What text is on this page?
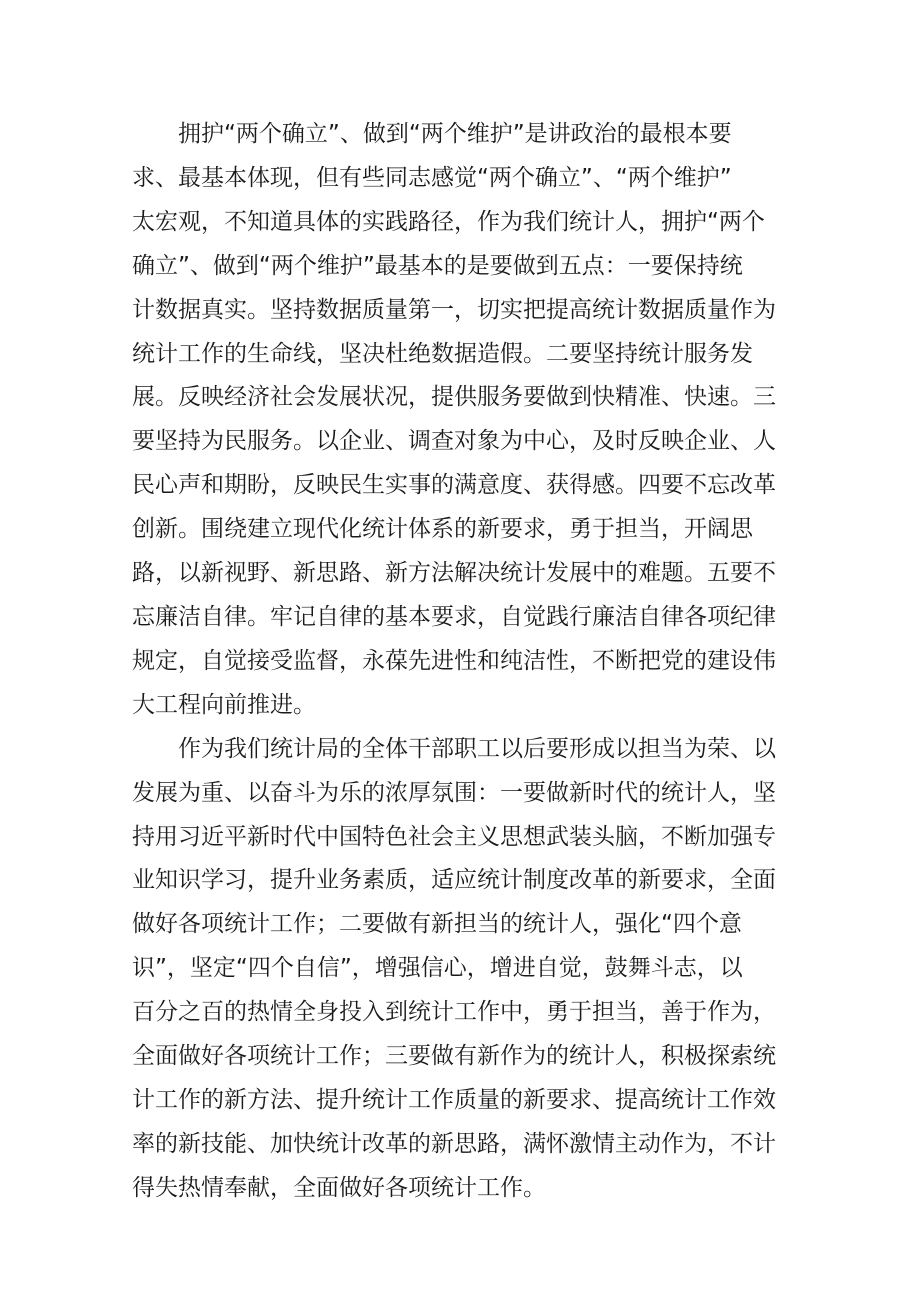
拥护“两个确立”、做到“两个维护”是讲政治的最根本要
求、最基本体现，但有些同志感觉“两个确立”、“两个维护”
太宏观，不知道具体的实践路径，作为我们统计人，拥护“两个
确立”、做到“两个维护”最基本的是要做到五点：一要保持统
计数据真实。坚持数据质量第一，切实把提高统计数据质量作为
统计工作的生命线，坚决杜绝数据造假。二要坚持统计服务发
展。反映经济社会发展状况，提供服务要做到快精准、快速。三
要坚持为民服务。以企业、调查对象为中心，及时反映企业、人
民心声和期盼，反映民生实事的满意度、获得感。四要不忘改革
创新。围绕建立现代化统计体系的新要求，勇于担当，开阔思
路，以新视野、新思路、新方法解决统计发展中的难题。五要不
忘廉洁自律。牢记自律的基本要求，自觉践行廉洁自律各项纪律
规定，自觉接受监督，永葆先进性和纯洁性，不断把党的建设伟
大工程向前推进。
作为我们统计局的全体干部职工以后要形成以担当为荣、以
发展为重、以奋斗为乐的浓厚氛围：一要做新时代的统计人，坚
持用习近平新时代中国特色社会主义思想武装头脑，不断加强专
业知识学习，提升业务素质，适应统计制度改革的新要求，全面
做好各项统计工作；二要做有新担当的统计人，强化“四个意
识”，坚定“四个自信”，增强信心，增进自觉，鼓舞斗志，以
百分之百的热情全身投入到统计工作中，勇于担当，善于作为，
全面做好各项统计工作；三要做有新作为的统计人，积极探索统
计工作的新方法、提升统计工作质量的新要求、提高统计工作效
率的新技能、加快统计改革的新思路，满怀激情主动作为，不计
得失热情奉献，全面做好各项统计工作。
